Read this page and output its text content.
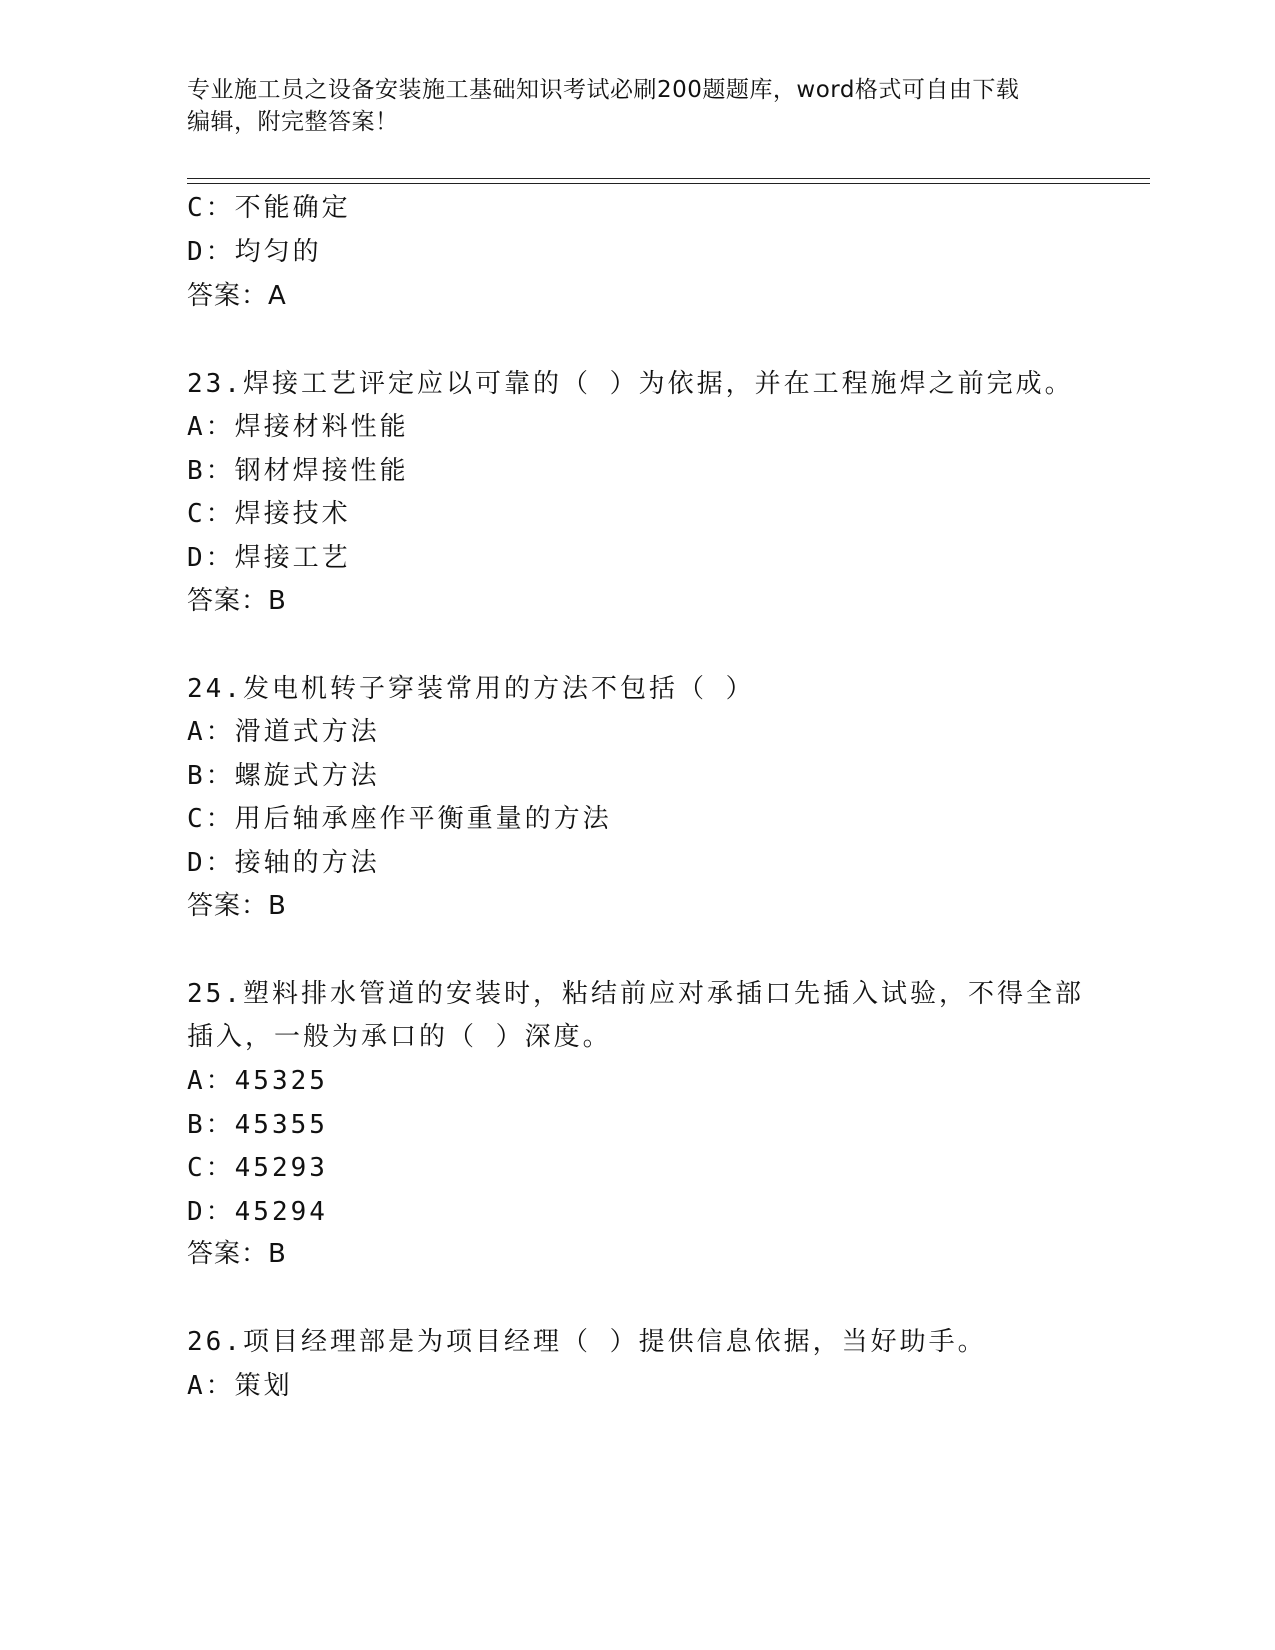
专业施工员之设备安装施工基础知识考试必刷200题题库，word格式可自由下载
编辑，附完整答案！
C：不能确定
D：均匀的
答案：A
23.焊接工艺评定应以可靠的（ ）为依据，并在工程施焊之前完成。
A：焊接材料性能
B：钢材焊接性能
C：焊接技术
D：焊接工艺
答案：B
24.发电机转子穿装常用的方法不包括（ ）
A：滑道式方法
B：螺旋式方法
C：用后轴承座作平衡重量的方法
D：接轴的方法
答案：B
25.塑料排水管道的安装时，粘结前应对承插口先插入试验，不得全部
插入，一般为承口的（ ）深度。
A：45325
B：45355
C：45293
D：45294
答案：B
26.项目经理部是为项目经理（ ）提供信息依据，当好助手。
A：策划
